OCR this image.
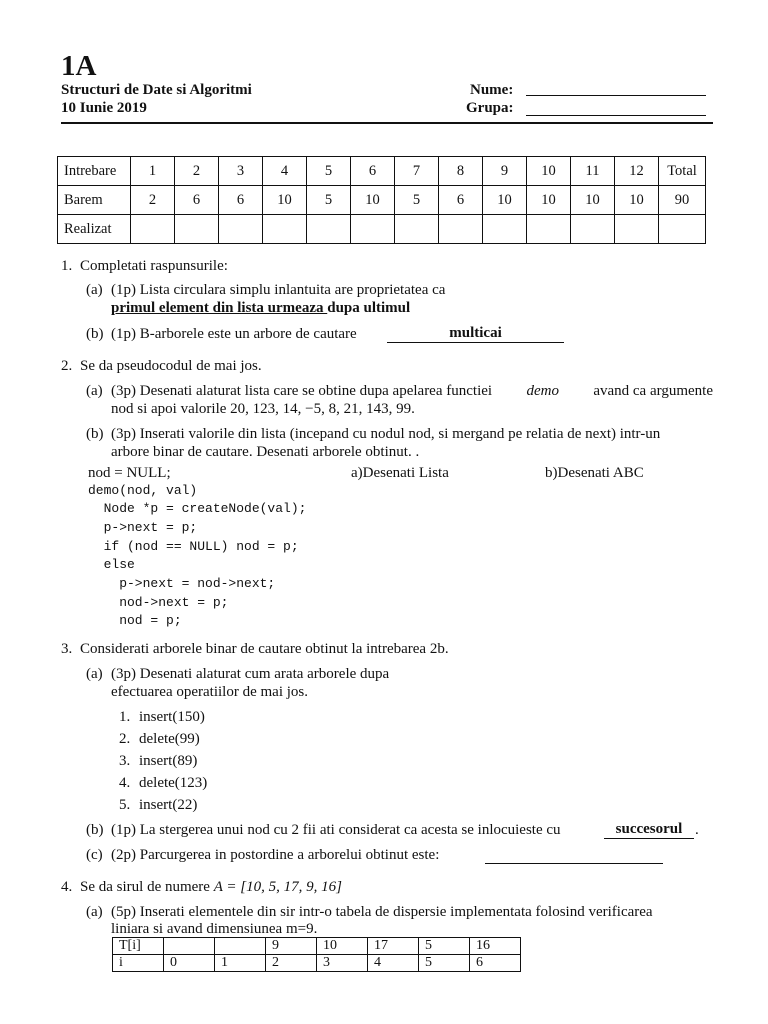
1A
Structuri de Date si Algoritmi
10 Iunie 2019
Nume:
Grupa:
Intrebare	1	2	3	4	5	6	7	8	9	10	11	12	Total
Barem	2	6	6	10	5	10	5	6	10	10	10	10	90
Realizat													
1. Completati raspunsurile:
(a) (1p) Lista circulara simplu inlantuita are proprietatea ca
primul element din lista urmeaza dupa ultimul
(b) (1p) B-arborele este un arbore de cautare	multicai
2. Se da pseudocodul de mai jos.
(a) (3p) Desenati alaturat lista care se obtine dupa apelarea functiei demo avand ca argumente
nod si apoi valorile 20, 123, 14, −5, 8, 21, 143, 99.
(b) (3p) Inserati valorile din lista (incepand cu nodul nod, si mergand pe relatia de next) intr-un
arbore binar de cautare. Desenati arborele obtinut. .
nod = NULL;	a)Desenati Lista	b)Desenati ABC
demo(nod, val)
Node *p = createNode(val);
p->next = p;
if (nod == NULL) nod = p;
else
p->next = nod->next;
nod->next = p;
nod = p;
3. Considerati arborele binar de cautare obtinut la intrebarea 2b.
(a) (3p) Desenati alaturat cum arata arborele dupa
efectuarea operatiilor de mai jos.
1. insert(150)
2. delete(99)
3. insert(89)
4. delete(123)
5. insert(22)
(b) (1p) La stergerea unui nod cu 2 fii ati considerat ca acesta se inlocuieste cu	succesorul .
(c) (2p) Parcurgerea in postordine a arborelui obtinut este:
4. Se da sirul de numere A = [10, 5, 17, 9, 16]
(a) (5p) Inserati elementele din sir intr-o tabela de dispersie implementata folosind verificarea
liniara si avand dimensiunea m=9.
T[i]			9	10	17	5	16
i	0	1	2	3	4	5	6
